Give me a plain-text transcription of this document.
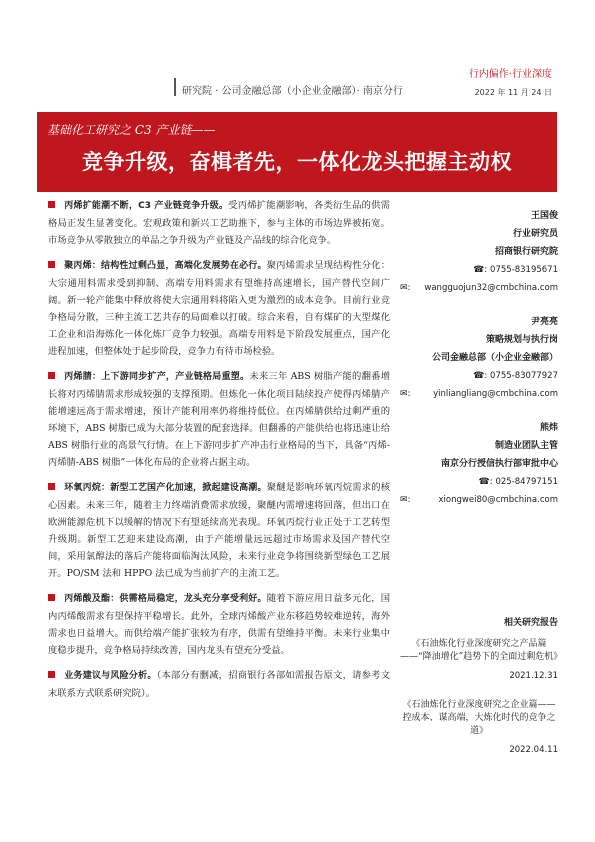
行内偏作·行业深度
研究院 · 公司金融总部（小企业金融部）· 南京分行	2022 年 11 月 24 日
基础化工研究之 C3 产业链——
竞争升级，奋楫者先，一体化龙头把握主动权
丙烯扩能潮不断，C3 产业链竞争升级。受丙烯扩能潮影响，各类衍生品的供需格局正发生显著变化。宏观政策和新兴工艺助推下，参与主体的市场边界被拓宽。市场竞争从零散独立的单品之争升级为产业链及产品线的综合化竞争。
聚丙烯：结构性过剩凸显，高端化发展势在必行。聚丙烯需求呈现结构性分化：大宗通用料需求受到抑制、高端专用料需求有望维持高速增长，国产替代空间广阔。新一轮产能集中释放将使大宗通用料将陷入更为激烈的成本竞争。目前行业竞争格局分散，三种主流工艺共存的局面难以打破。综合来看，自有煤矿的大型煤化工企业和沿海炼化一体化炼厂竞争力较强。高端专用料是下阶段发展重点，国产化进程加速，但整体处于起步阶段，竞争力有待市场检验。
丙烯腈：上下游同步扩产，产业链格局重塑。未来三年 ABS 树脂产能的翻番增长将对丙烯腈需求形成较强的支撑预期。但炼化一体化项目陆续投产使得丙烯腈产能增速远高于需求增速，预计产能利用率仍将维持低位。在丙烯腈供给过剩严重的环境下，ABS 树脂已成为大部分装置的配套选择。但翻番的产能供给也将迅速让给 ABS 树脂行业的高景气行情。在上下游同步扩产冲击行业格局的当下，具备“丙烯-丙烯腈-ABS 树脂”一体化布局的企业将占据主动。
环氧丙烷：新型工艺国产化加速，掀起建设高潮。聚醚是影响环氧丙烷需求的核心因素。未来三年，随着主力终端消费需求放缓，聚醚内需增速将回落，但出口在欧洲能源危机下以缓解的情况下有望延续高光表现。环氧丙烷行业正处于工艺转型升级期。新型工艺迎来建设高潮，由于产能增量远远超过市场需求及国产替代空间，采用氯醇法的落后产能将面临淘汰风险，未来行业竞争将围绕新型绿色工艺展开。PO/SM 法和 HPPO 法已成为当前扩产的主流工艺。
丙烯酸及酯：供需格局稳定，龙头充分享受利好。随着下游应用日益多元化，国内丙烯酸需求有望保持平稳增长。此外，全球丙烯酸产业东移趋势较难逆转，海外需求也日益增大。而供给端产能扩张较为有序，供需有望维持平衡。未来行业集中度稳步提升，竞争格局持续改善，国内龙头有望充分受益。
业务建议与风险分析。（本部分有删减，招商银行各部如需报告原文，请参考文末联系方式联系研究院）。
王国俊
行业研究员
招商银行研究院
☎: 0755-83195671
✉: wangguojun32@cmbchina.com
尹亮亮
策略规划与执行岗
公司金融总部（小企业金融部）
☎: 0755-83077927
✉:	yinliangliang@cmbchina.com
熊炜
制造业团队主管
南京分行授信执行部审批中心
☎: 025-84797151
✉:	xiongwei80@cmbchina.com
相关研究报告
《石油炼化行业深度研究之产品篇——“降油增化”趋势下的全面过剩危机》
2021.12.31
《石油炼化行业深度研究之企业篇——控成本、谋高端，大炼化时代的竞争之道》
2022.04.11
